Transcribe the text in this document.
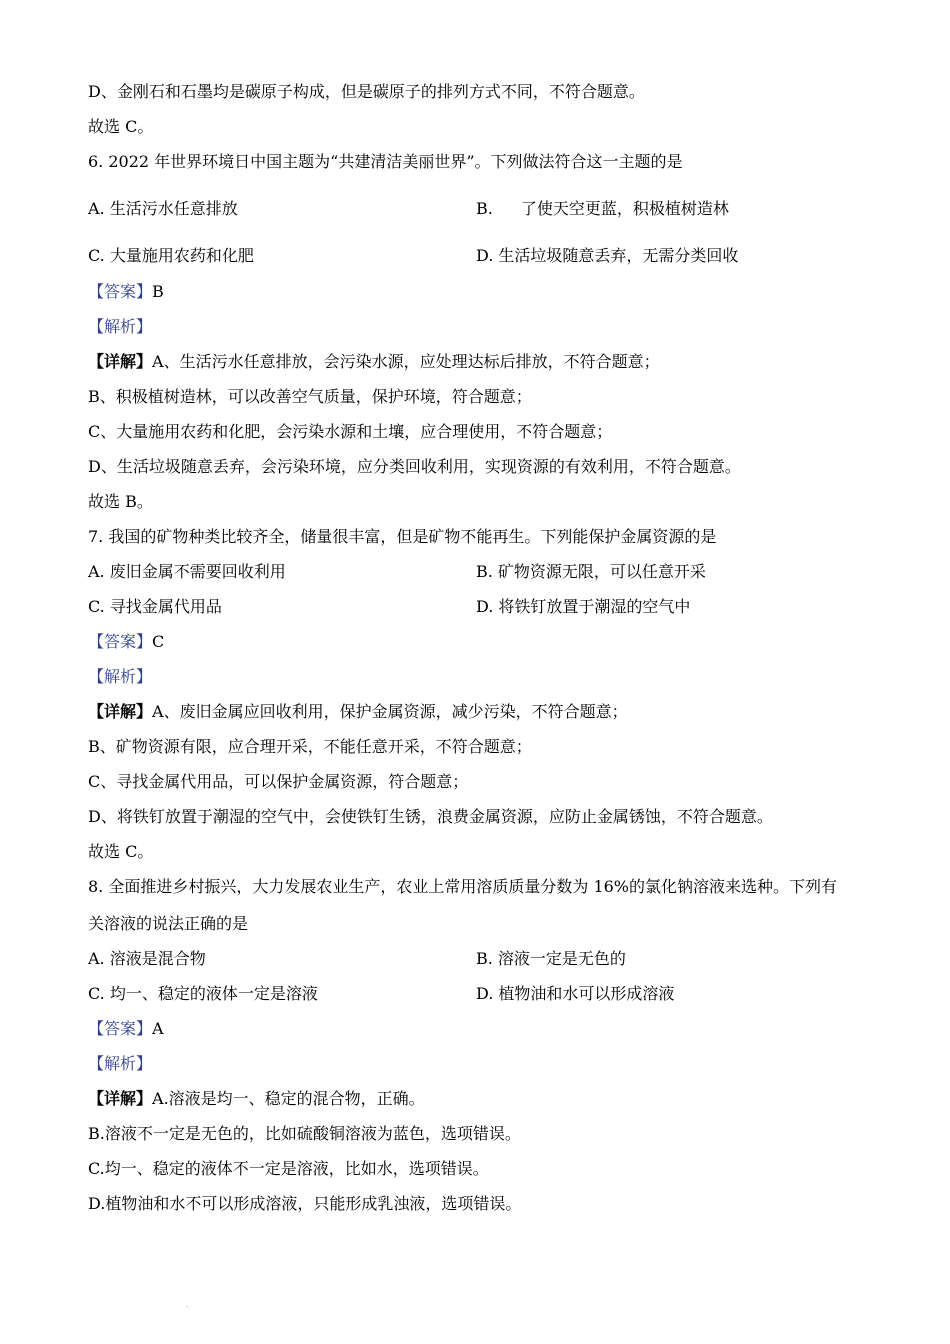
D、金刚石和石墨均是碳原子构成，但是碳原子的排列方式不同，不符合题意。
故选 C。
6. 2022 年世界环境日中国主题为“共建清洁美丽世界”。下列做法符合这一主题的是
A. 生活污水任意排放	B. 了使天空更蓝，积极植树造林
C. 大量施用农药和化肥	D. 生活垃圾随意丢弃，无需分类回收
【答案】B
【解析】
【详解】A、生活污水任意排放，会污染水源，应处理达标后排放，不符合题意；
B、积极植树造林，可以改善空气质量，保护环境，符合题意；
C、大量施用农药和化肥，会污染水源和土壤，应合理使用，不符合题意；
D、生活垃圾随意丢弃，会污染环境，应分类回收利用，实现资源的有效利用，不符合题意。
故选 B。
7. 我国的矿物种类比较齐全，储量很丰富，但是矿物不能再生。下列能保护金属资源的是
A. 废旧金属不需要回收利用	B. 矿物资源无限，可以任意开采
C. 寻找金属代用品	D. 将铁钉放置于潮湿的空气中
【答案】C
【解析】
【详解】A、废旧金属应回收利用，保护金属资源，减少污染，不符合题意；
B、矿物资源有限，应合理开采，不能任意开采，不符合题意；
C、寻找金属代用品，可以保护金属资源，符合题意；
D、将铁钉放置于潮湿的空气中，会使铁钉生锈，浪费金属资源，应防止金属锈蚀，不符合题意。
故选 C。
8. 全面推进乡村振兴，大力发展农业生产，农业上常用溶质质量分数为 16%的氯化钠溶液来选种。下列有
关溶液的说法正确的是
A. 溶液是混合物	B. 溶液一定是无色的
C. 均一、稳定的液体一定是溶液	D. 植物油和水可以形成溶液
【答案】A
【解析】
【详解】A.溶液是均一、稳定的混合物，正确。
B.溶液不一定是无色的，比如硫酸铜溶液为蓝色，选项错误。
C.均一、稳定的液体不一定是溶液，比如水，选项错误。
D.植物油和水不可以形成溶液，只能形成乳浊液，选项错误。
.
